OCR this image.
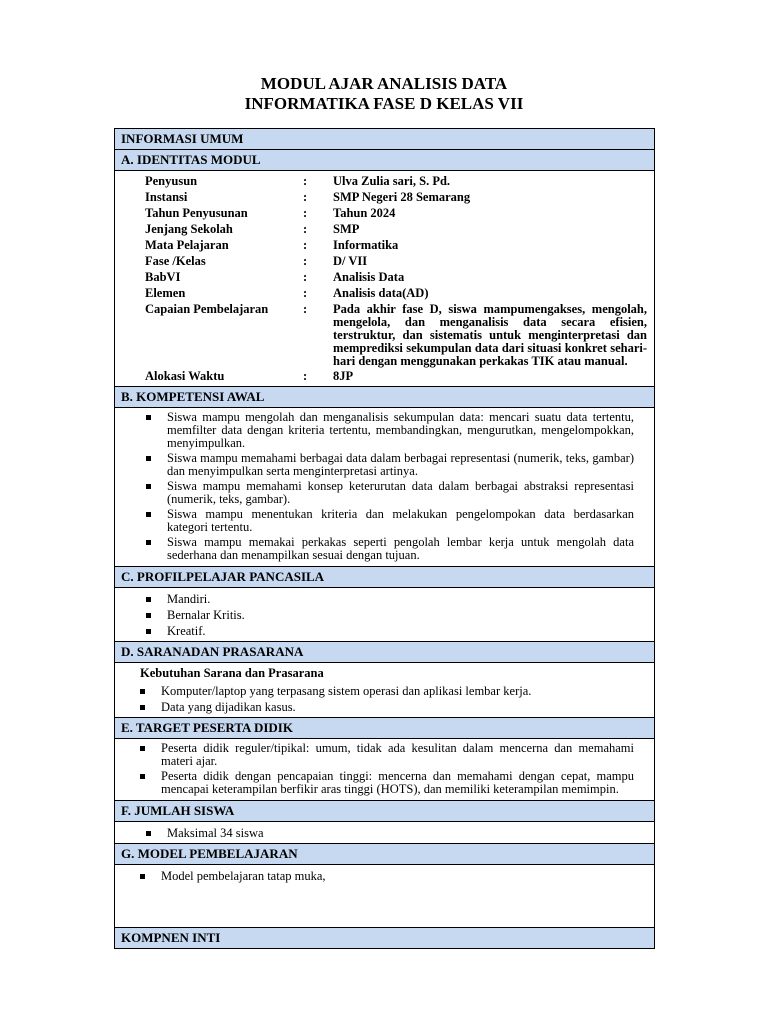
MODUL AJAR ANALISIS DATA
INFORMATIKA FASE D KELAS VII
INFORMASI UMUM
A. IDENTITAS MODUL
Penyusun	:	Ulva Zulia sari, S. Pd.
Instansi	:	SMP Negeri 28 Semarang
Tahun Penyusunan	:	Tahun 2024
Jenjang Sekolah	:	SMP
Mata Pelajaran	:	Informatika
Fase /Kelas	:	D/ VII
BabVI	:	Analisis Data
Elemen	:	Analisis data(AD)
Capaian Pembelajaran	:	Pada akhir fase D, siswa mampumengakses, mengolah, mengelola, dan menganalisis data secara efisien, terstruktur, dan sistematis untuk menginterpretasi dan memprediksi sekumpulan data dari situasi konkret sehari-hari dengan menggunakan perkakas TIK atau manual.
Alokasi Waktu	:	8JP
B. KOMPETENSI AWAL
Siswa mampu mengolah dan menganalisis sekumpulan data: mencari suatu data tertentu, memfilter data dengan kriteria tertentu, membandingkan, mengurutkan, mengelompokkan, menyimpulkan.
Siswa mampu memahami berbagai data dalam berbagai representasi (numerik, teks, gambar) dan menyimpulkan serta menginterpretasi artinya.
Siswa mampu memahami konsep keterurutan data dalam berbagai abstraksi representasi (numerik, teks, gambar).
Siswa mampu menentukan kriteria dan melakukan pengelompokan data berdasarkan kategori tertentu.
Siswa mampu memakai perkakas seperti pengolah lembar kerja untuk mengolah data sederhana dan menampilkan sesuai dengan tujuan.
C. PROFILPELAJAR PANCASILA
Mandiri.
Bernalar Kritis.
Kreatif.
D. SARANADAN PRASARANA
Kebutuhan Sarana dan Prasarana
Komputer/laptop yang terpasang sistem operasi dan aplikasi lembar kerja.
Data yang dijadikan kasus.
E. TARGET PESERTA DIDIK
Peserta didik reguler/tipikal: umum, tidak ada kesulitan dalam mencerna dan memahami materi ajar.
Peserta didik dengan pencapaian tinggi: mencerna dan memahami dengan cepat, mampu mencapai keterampilan berfikir aras tinggi (HOTS), dan memiliki keterampilan memimpin.
F. JUMLAH SISWA
Maksimal 34 siswa
G. MODEL PEMBELAJARAN
Model pembelajaran tatap muka,
KOMPNEN INTI
